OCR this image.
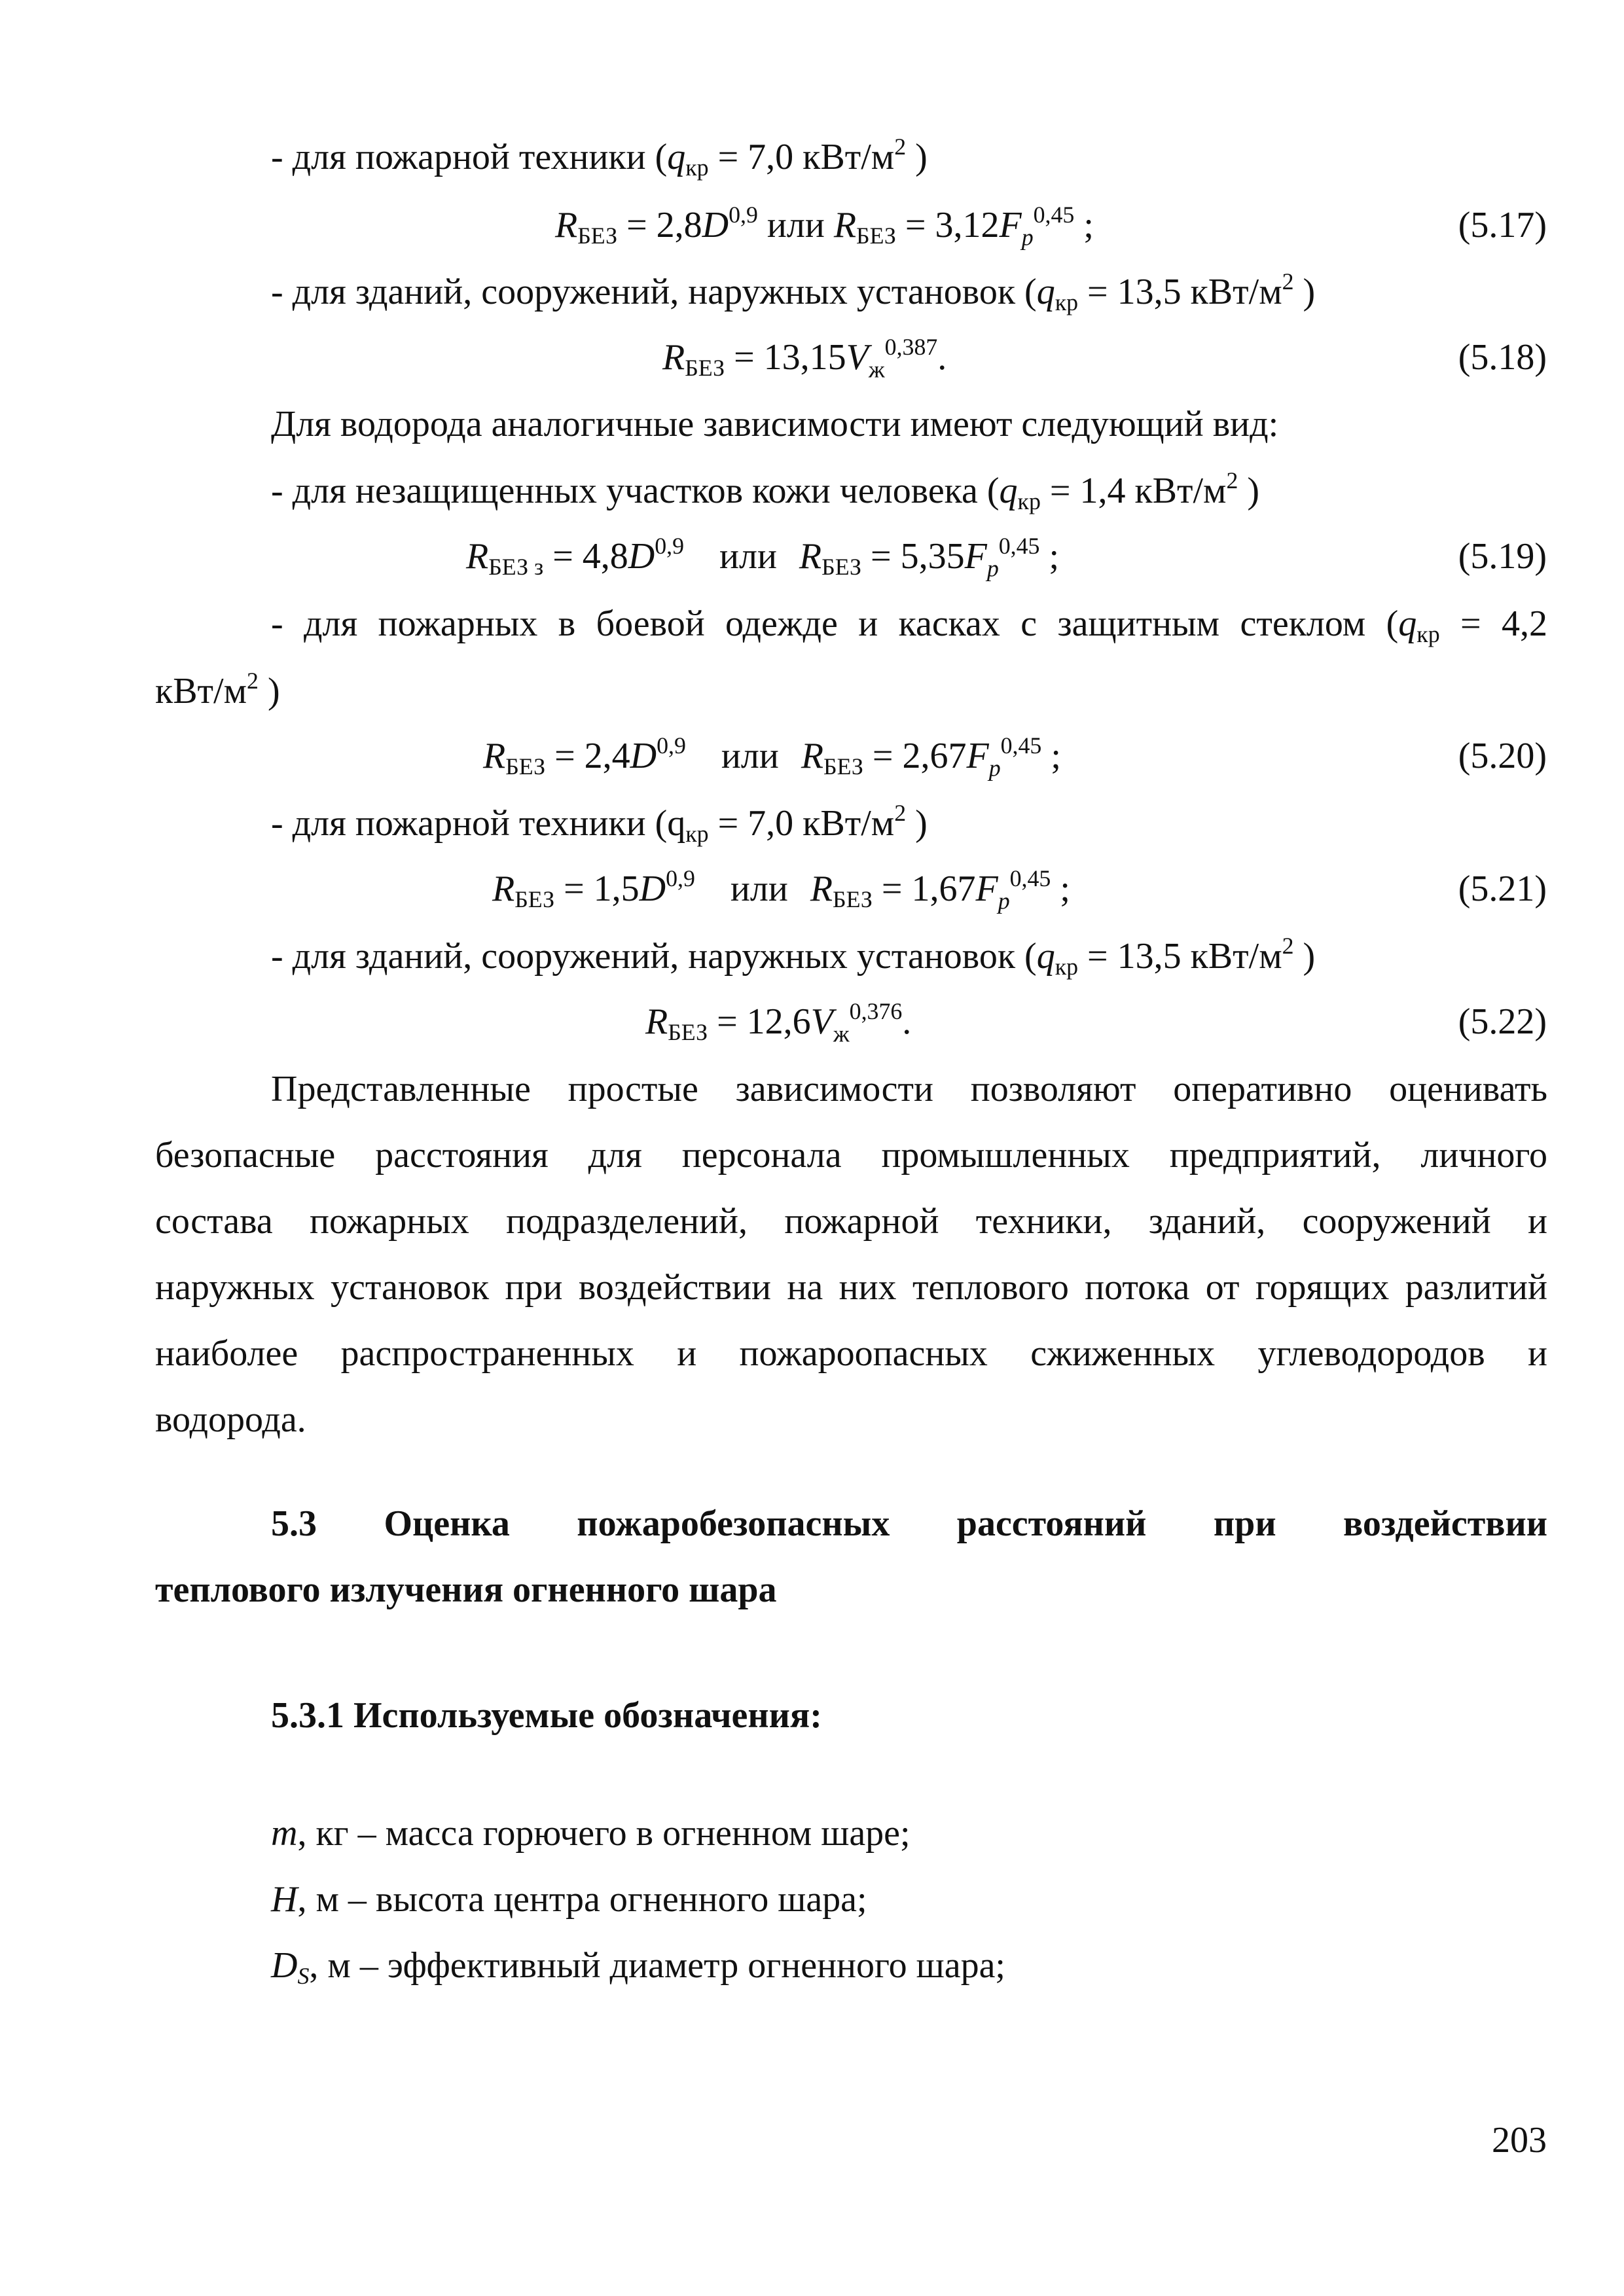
- для пожарной техники ($q_{кр} = 7,0$ кВт/$м^2$ )
$R_{БЕЗ} = 2,8D^{0,9}$ или $R_{БЕЗ} = 3,12F_p^{0,45}$ ;	(5.17)
- для зданий, сооружений, наружных установок ($q_{кр} = 13,5$ кВт/$м^2$ )
$R_{БЕЗ} = 13,15V_ж^{0,387}$.	(5.18)
Для водорода аналогичные зависимости имеют следующий вид:
- для незащищенных участков кожи человека ($q_{кр} = 1,4$ кВт/$м^2$ )
$R_{БЕЗ з} = 4,8D^{0,9}$ или $R_{БЕЗ} = 5,35F_p^{0,45}$ ;	(5.19)
- для пожарных в боевой одежде и касках с защитным стеклом ($q_{кр} = 4,2$
кВт/$м^2$ )
$R_{БЕЗ} = 2,4D^{0,9}$ или $R_{БЕЗ} = 2,67F_p^{0,45}$ ;	(5.20)
- для пожарной техники ($q_{кр} = 7,0$ кВт/$м^2$ )
$R_{БЕЗ} = 1,5D^{0,9}$ или $R_{БЕЗ} = 1,67F_p^{0,45}$ ;	(5.21)
- для зданий, сооружений, наружных установок ($q_{кр} = 13,5$ кВт/$м^2$ )
$R_{БЕЗ} = 12,6V_ж^{0,376}$.	(5.22)
Представленные простые зависимости позволяют оперативно оценивать
безопасные расстояния для персонала промышленных предприятий, личного
состава пожарных подразделений, пожарной техники, зданий, сооружений и
наружных установок при воздействии на них теплового потока от горящих разлитий
наиболее распространенных и пожароопасных сжиженных углеводородов и
водорода.
5.3 Оценка пожаробезопасных расстояний при воздействии
теплового излучения огненного шара
5.3.1 Используемые обозначения:
m, кг – масса горючего в огненном шаре;
H, м – высота центра огненного шара;
$D_S$, м – эффективный диаметр огненного шара;
203
